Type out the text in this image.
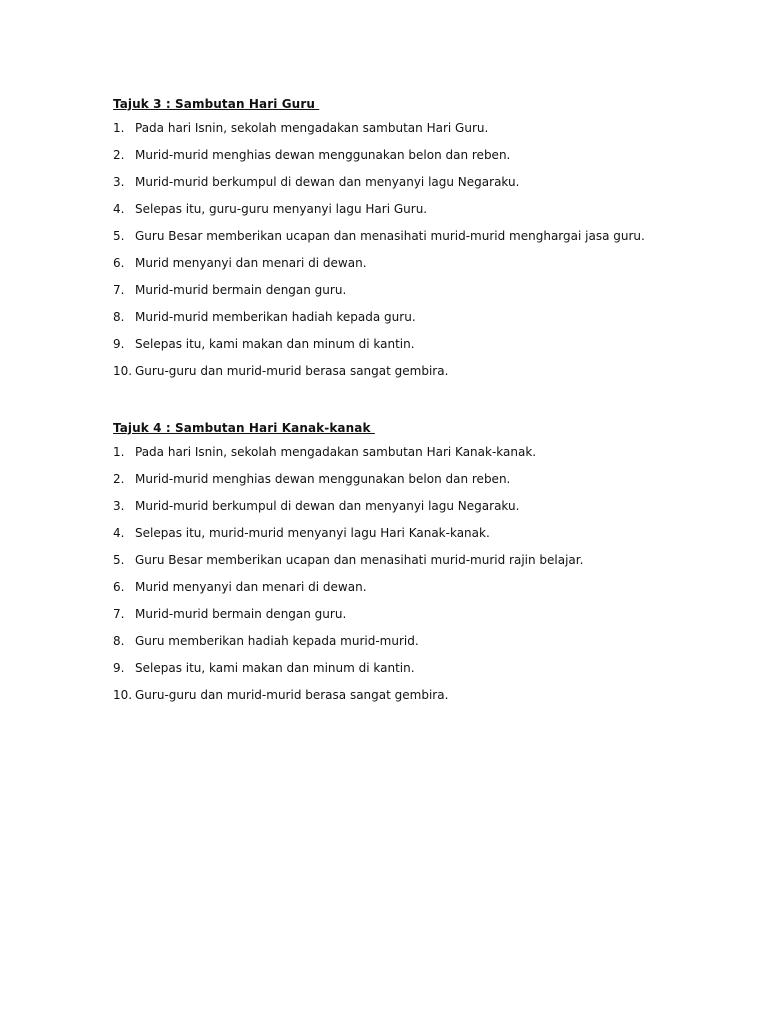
Tajuk 3 : Sambutan Hari Guru
1. Pada hari Isnin, sekolah mengadakan sambutan Hari Guru.
2. Murid-murid menghias dewan menggunakan belon dan reben.
3. Murid-murid berkumpul di dewan dan menyanyi lagu Negaraku.
4. Selepas itu, guru-guru menyanyi lagu Hari Guru.
5. Guru Besar memberikan ucapan dan menasihati murid-murid menghargai jasa guru.
6. Murid menyanyi dan menari di dewan.
7. Murid-murid bermain dengan guru.
8. Murid-murid memberikan hadiah kepada guru.
9. Selepas itu, kami makan dan minum di kantin.
10. Guru-guru dan murid-murid berasa sangat gembira.
Tajuk 4 : Sambutan Hari Kanak-kanak
1. Pada hari Isnin, sekolah mengadakan sambutan Hari Kanak-kanak.
2. Murid-murid menghias dewan menggunakan belon dan reben.
3. Murid-murid berkumpul di dewan dan menyanyi lagu Negaraku.
4. Selepas itu, murid-murid menyanyi lagu Hari Kanak-kanak.
5. Guru Besar memberikan ucapan dan menasihati murid-murid rajin belajar.
6. Murid menyanyi dan menari di dewan.
7. Murid-murid bermain dengan guru.
8. Guru memberikan hadiah kepada murid-murid.
9. Selepas itu, kami makan dan minum di kantin.
10. Guru-guru dan murid-murid berasa sangat gembira.
